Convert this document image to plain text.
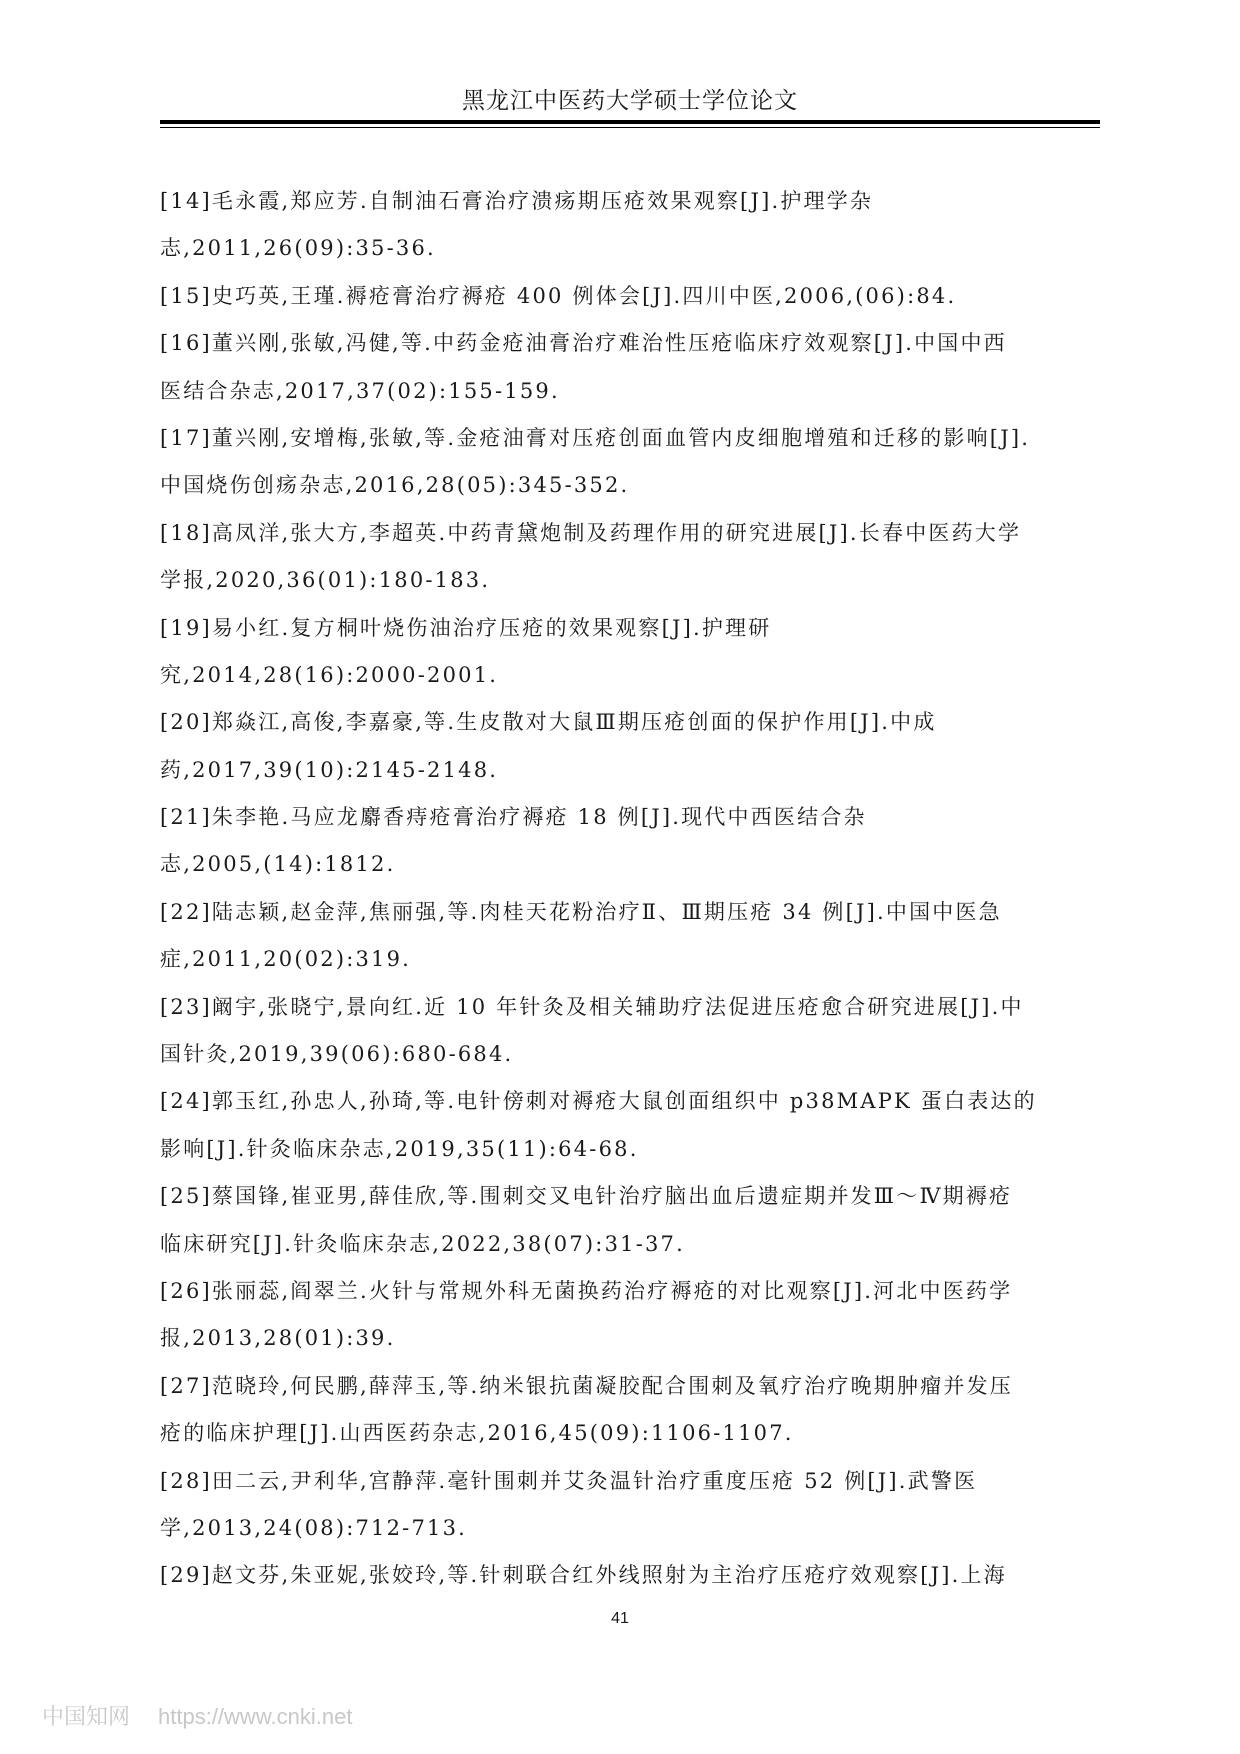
黑龙江中医药大学硕士学位论文
[14]毛永霞,郑应芳.自制油石膏治疗溃疡期压疮效果观察[J].护理学杂
志,2011,26(09):35-36.
[15]史巧英,王瑾.褥疮膏治疗褥疮 400 例体会[J].四川中医,2006,(06):84.
[16]董兴刚,张敏,冯健,等.中药金疮油膏治疗难治性压疮临床疗效观察[J].中国中西
医结合杂志,2017,37(02):155-159.
[17]董兴刚,安增梅,张敏,等.金疮油膏对压疮创面血管内皮细胞增殖和迁移的影响[J].
中国烧伤创疡杂志,2016,28(05):345-352.
[18]高凤洋,张大方,李超英.中药青黛炮制及药理作用的研究进展[J].长春中医药大学
学报,2020,36(01):180-183.
[19]易小红.复方桐叶烧伤油治疗压疮的效果观察[J].护理研
究,2014,28(16):2000-2001.
[20]郑焱江,高俊,李嘉豪,等.生皮散对大鼠Ⅲ期压疮创面的保护作用[J].中成
药,2017,39(10):2145-2148.
[21]朱李艳.马应龙麝香痔疮膏治疗褥疮 18 例[J].现代中西医结合杂
志,2005,(14):1812.
[22]陆志颖,赵金萍,焦丽强,等.肉桂天花粉治疗Ⅱ、Ⅲ期压疮 34 例[J].中国中医急
症,2011,20(02):319.
[23]阚宇,张晓宁,景向红.近 10 年针灸及相关辅助疗法促进压疮愈合研究进展[J].中
国针灸,2019,39(06):680-684.
[24]郭玉红,孙忠人,孙琦,等.电针傍刺对褥疮大鼠创面组织中 p38MAPK 蛋白表达的
影响[J].针灸临床杂志,2019,35(11):64-68.
[25]蔡国锋,崔亚男,薛佳欣,等.围刺交叉电针治疗脑出血后遗症期并发Ⅲ～Ⅳ期褥疮
临床研究[J].针灸临床杂志,2022,38(07):31-37.
[26]张丽蕊,阎翠兰.火针与常规外科无菌换药治疗褥疮的对比观察[J].河北中医药学
报,2013,28(01):39.
[27]范晓玲,何民鹏,薛萍玉,等.纳米银抗菌凝胶配合围刺及氧疗治疗晚期肿瘤并发压
疮的临床护理[J].山西医药杂志,2016,45(09):1106-1107.
[28]田二云,尹利华,宫静萍.毫针围刺并艾灸温针治疗重度压疮 52 例[J].武警医
学,2013,24(08):712-713.
[29]赵文芬,朱亚妮,张姣玲,等.针刺联合红外线照射为主治疗压疮疗效观察[J].上海
41
中国知网 https://www.cnki.net
